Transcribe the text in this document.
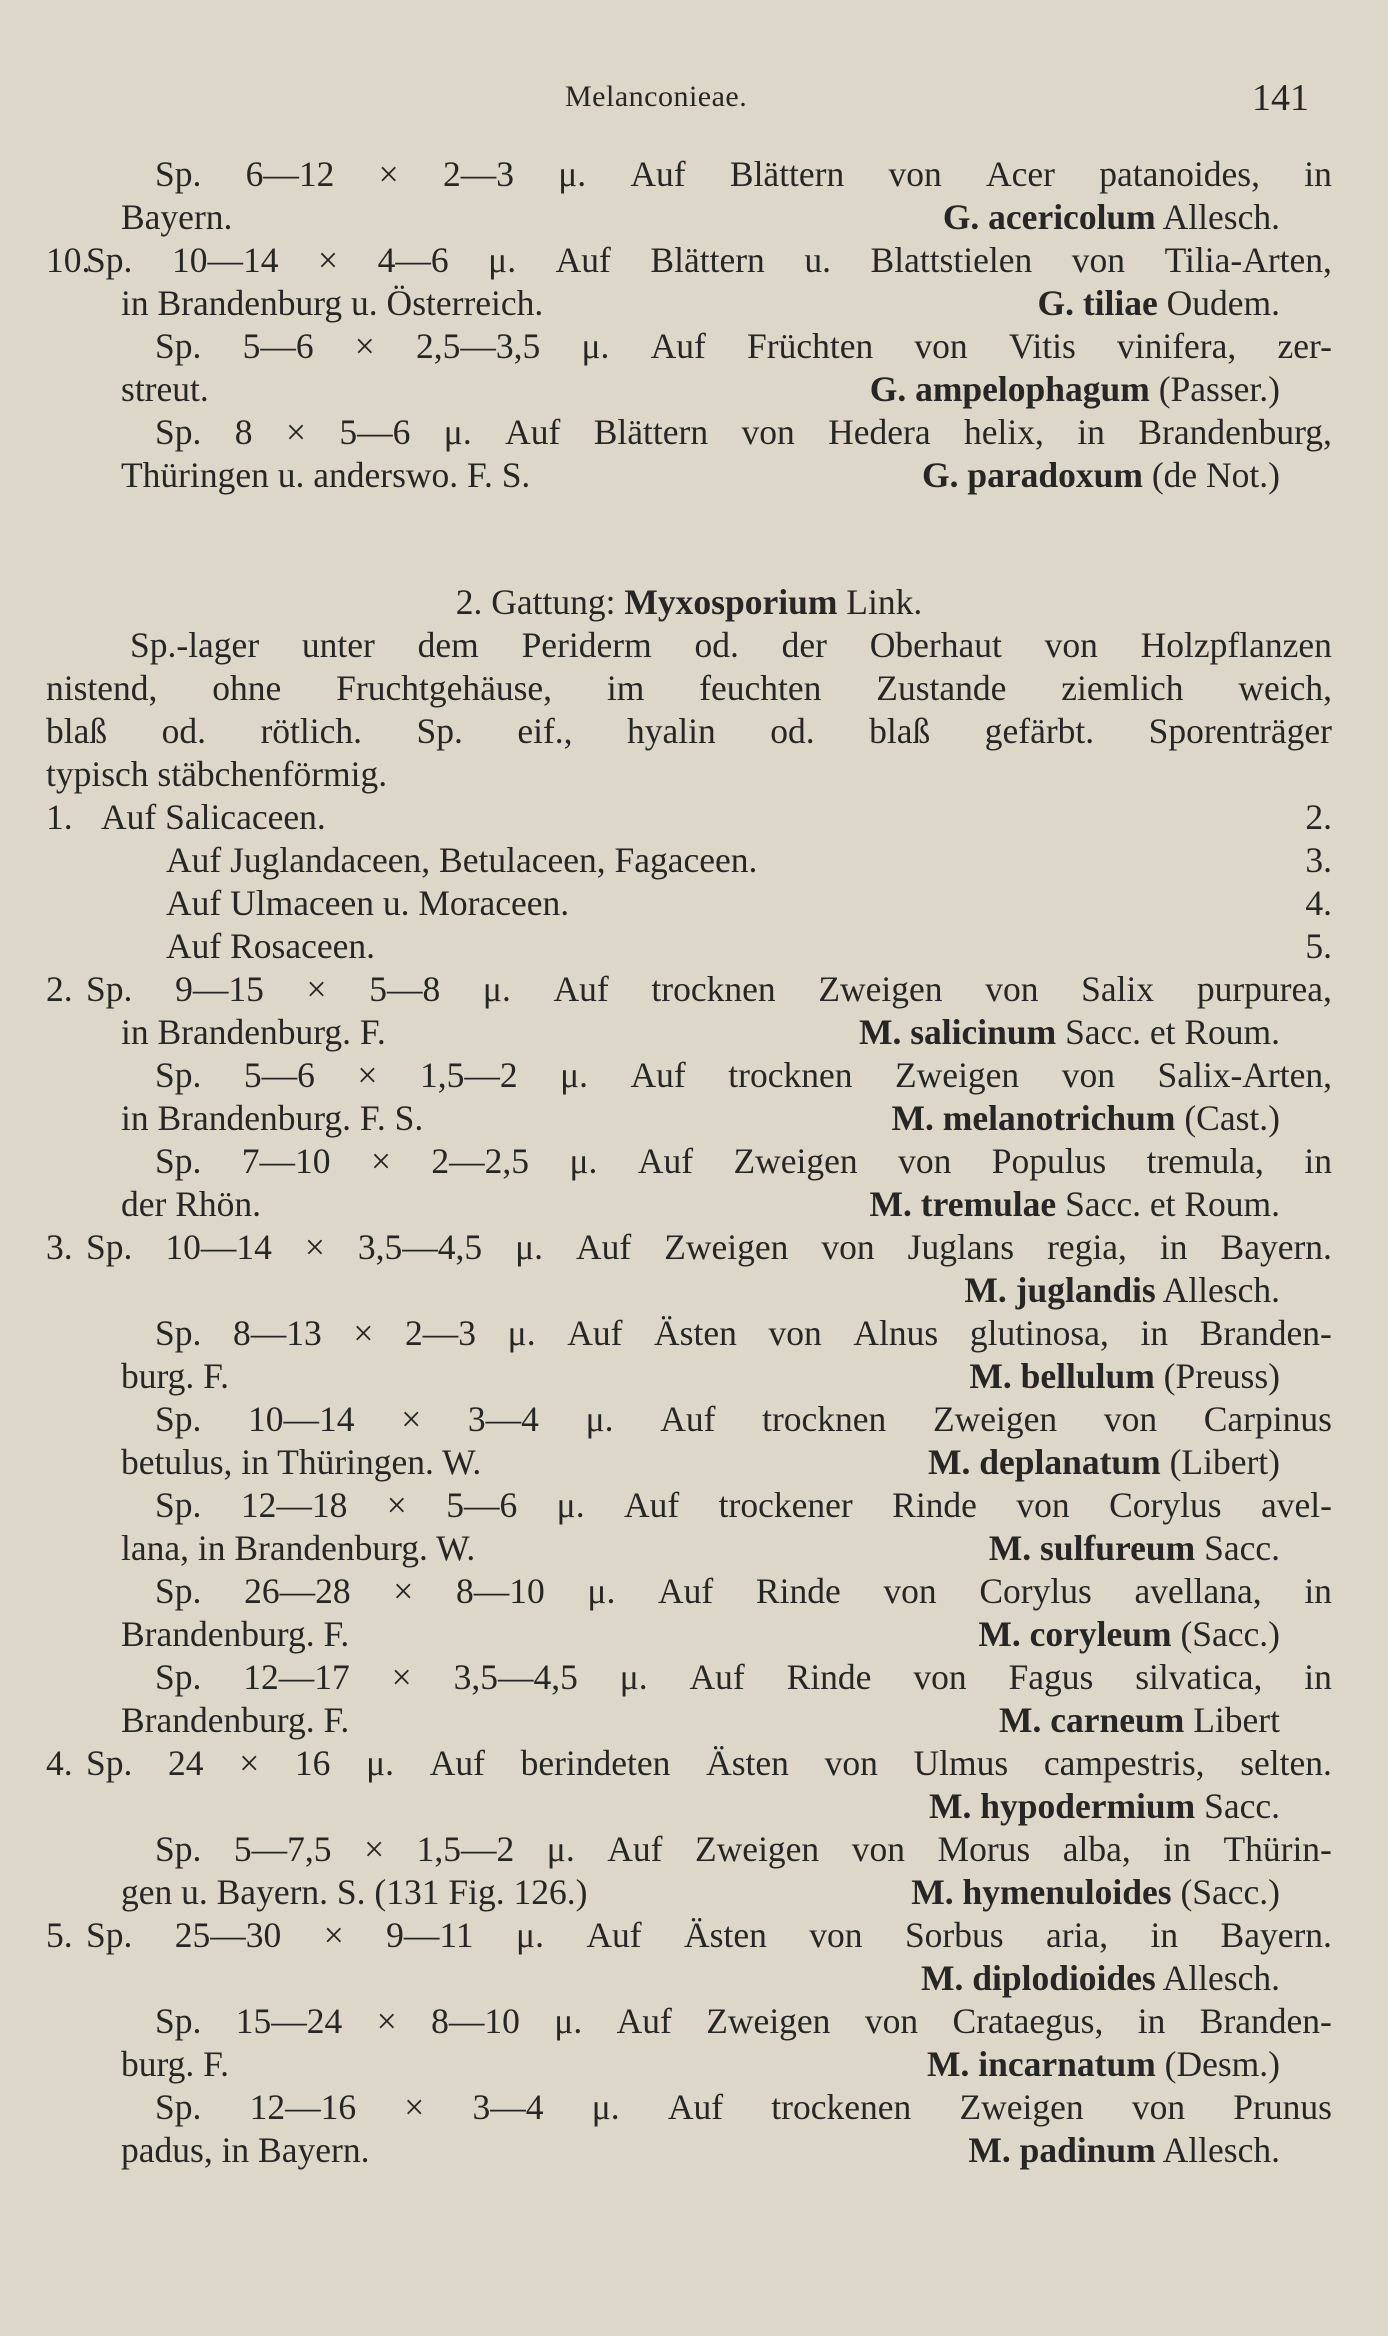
Melanconieae.	141
Sp. 6—12 × 2—3 μ. Auf Blättern von Acer patanoides, in
Bayern.	G. acericolum Allesch.
10.
Sp. 10—14 × 4—6 μ. Auf Blättern u. Blattstielen von Tilia-Arten,
in Brandenburg u. Österreich.	G. tiliae Oudem.
Sp. 5—6 × 2,5—3,5 μ. Auf Früchten von Vitis vinifera, zer-
streut.	G. ampelophagum (Passer.)
Sp. 8 × 5—6 μ. Auf Blättern von Hedera helix, in Brandenburg,
Thüringen u. anderswo. F. S.	G. paradoxum (de Not.)
2. Gattung: Myxosporium Link.
Sp.-lager unter dem Periderm od. der Oberhaut von Holzpflanzen
nistend, ohne Fruchtgehäuse, im feuchten Zustande ziemlich weich,
blaß od. rötlich. Sp. eif., hyalin od. blaß gefärbt. Sporenträger
typisch stäbchenförmig.
1. Auf Salicaceen.	2.
Auf Juglandaceen, Betulaceen, Fagaceen.	3.
Auf Ulmaceen u. Moraceen.	4.
Auf Rosaceen.	5.
2. Sp. 9—15 × 5—8 μ. Auf trocknen Zweigen von Salix purpurea,
in Brandenburg. F.	M. salicinum Sacc. et Roum.
Sp. 5—6 × 1,5—2 μ. Auf trocknen Zweigen von Salix-Arten,
in Brandenburg. F. S.	M. melanotrichum (Cast.)
Sp. 7—10 × 2—2,5 μ. Auf Zweigen von Populus tremula, in
der Rhön.	M. tremulae Sacc. et Roum.
3. Sp. 10—14 × 3,5—4,5 μ. Auf Zweigen von Juglans regia, in Bayern.
M. juglandis Allesch.
Sp. 8—13 × 2—3 μ. Auf Ästen von Alnus glutinosa, in Branden-
burg. F.	M. bellulum (Preuss)
Sp. 10—14 × 3—4 μ. Auf trocknen Zweigen von Carpinus
betulus, in Thüringen. W.	M. deplanatum (Libert)
Sp. 12—18 × 5—6 μ. Auf trockener Rinde von Corylus avel-
lana, in Brandenburg. W.	M. sulfureum Sacc.
Sp. 26—28 × 8—10 μ. Auf Rinde von Corylus avellana, in
Brandenburg. F.	M. coryleum (Sacc.)
Sp. 12—17 × 3,5—4,5 μ. Auf Rinde von Fagus silvatica, in
Brandenburg. F.	M. carneum Libert
4. Sp. 24 × 16 μ. Auf berindeten Ästen von Ulmus campestris, selten.
M. hypodermium Sacc.
Sp. 5—7,5 × 1,5—2 μ. Auf Zweigen von Morus alba, in Thürin-
gen u. Bayern. S. (131 Fig. 126.)	M. hymenuloides (Sacc.)
5. Sp. 25—30 × 9—11 μ. Auf Ästen von Sorbus aria, in Bayern.
M. diplodioides Allesch.
Sp. 15—24 × 8—10 μ. Auf Zweigen von Crataegus, in Branden-
burg. F.	M. incarnatum (Desm.)
Sp. 12—16 × 3—4 μ. Auf trockenen Zweigen von Prunus
padus, in Bayern.	M. padinum Allesch.
